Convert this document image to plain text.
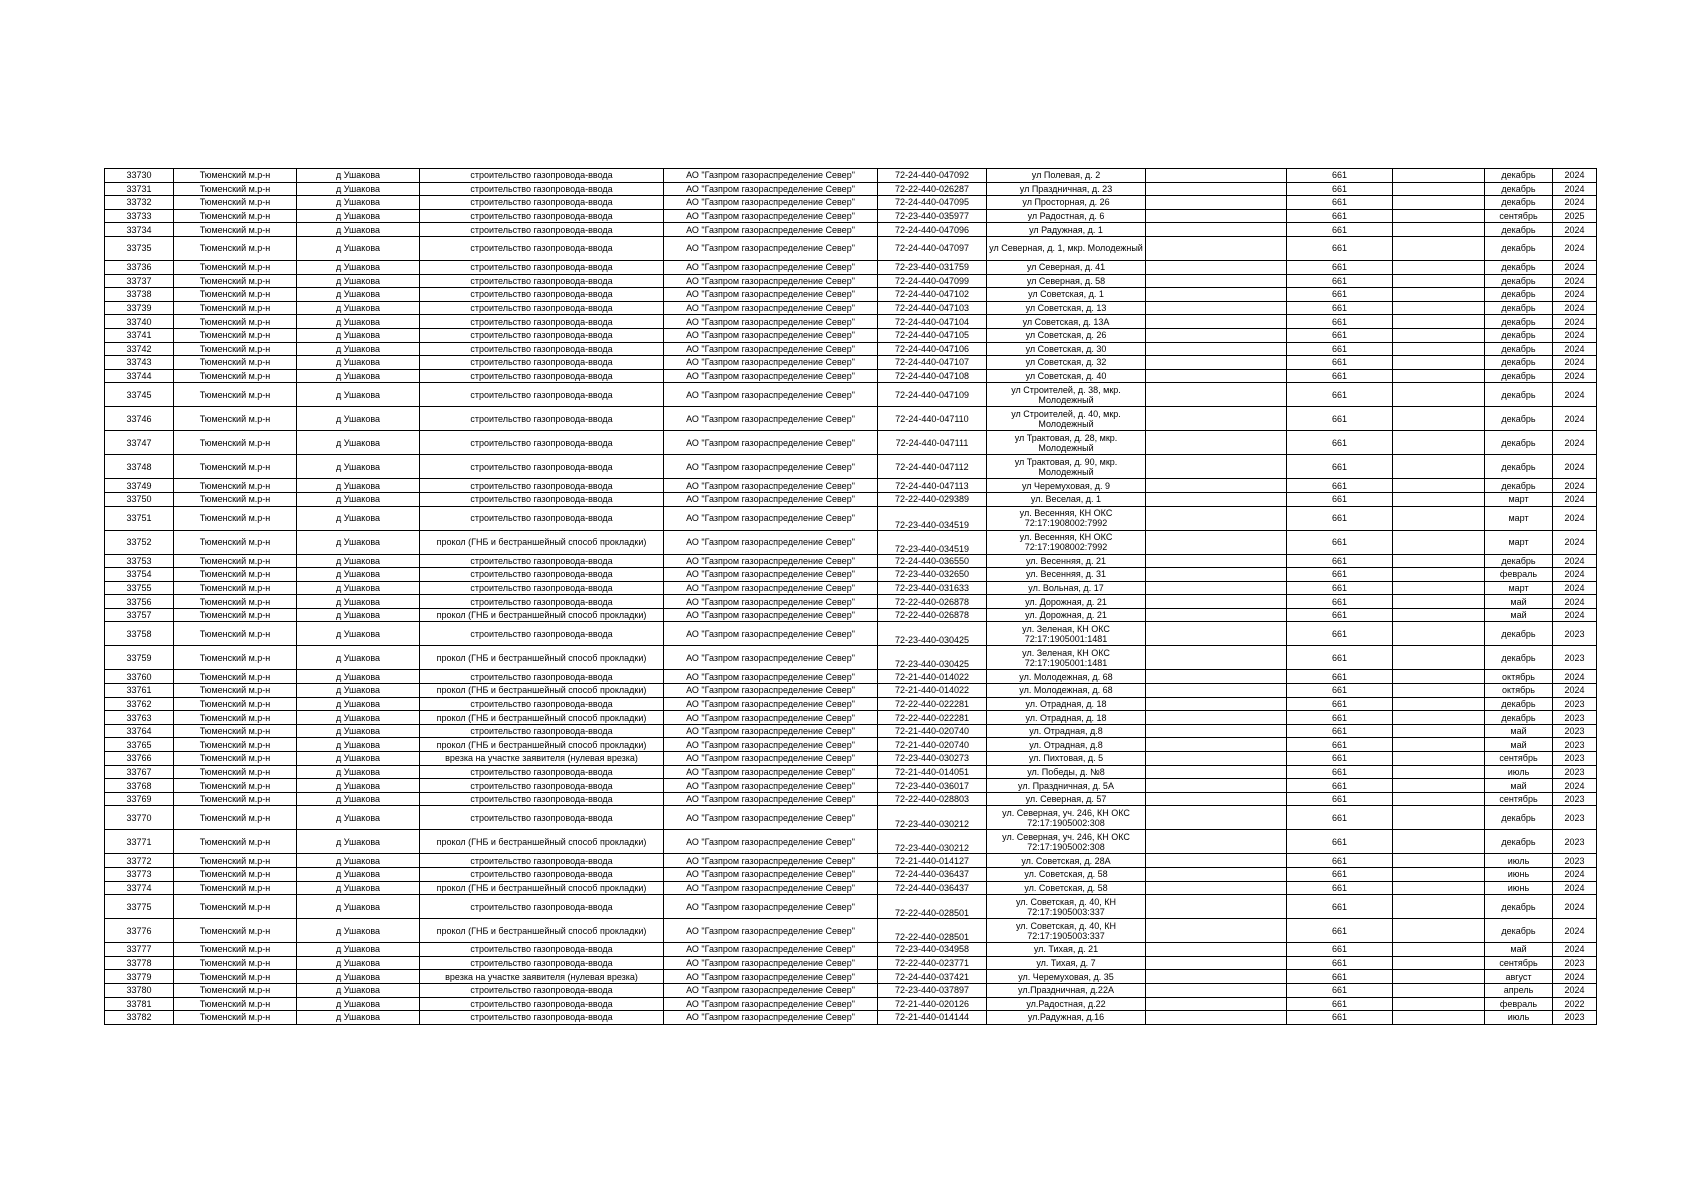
33730	Тюменский м.р-н	д Ушакова	строительство газопровода-ввода	АО "Газпром газораспределение Север"	72-24-440-047092	ул Полевая, д. 2		661		декабрь	2024
33731	Тюменский м.р-н	д Ушакова	строительство газопровода-ввода	АО "Газпром газораспределение Север"	72-22-440-026287	ул Праздничная, д. 23		661		декабрь	2024
33732	Тюменский м.р-н	д Ушакова	строительство газопровода-ввода	АО "Газпром газораспределение Север"	72-24-440-047095	ул Просторная, д. 26		661		декабрь	2024
33733	Тюменский м.р-н	д Ушакова	строительство газопровода-ввода	АО "Газпром газораспределение Север"	72-23-440-035977	ул Радостная, д. 6		661		сентябрь	2025
33734	Тюменский м.р-н	д Ушакова	строительство газопровода-ввода	АО "Газпром газораспределение Север"	72-24-440-047096	ул Радужная, д. 1		661		декабрь	2024
33735	Тюменский м.р-н	д Ушакова	строительство газопровода-ввода	АО "Газпром газораспределение Север"	72-24-440-047097	ул Северная, д. 1, мкр. Молодежный		661		декабрь	2024
33736	Тюменский м.р-н	д Ушакова	строительство газопровода-ввода	АО "Газпром газораспределение Север"	72-23-440-031759	ул Северная, д. 41		661		декабрь	2024
33737	Тюменский м.р-н	д Ушакова	строительство газопровода-ввода	АО "Газпром газораспределение Север"	72-24-440-047099	ул Северная, д. 58		661		декабрь	2024
33738	Тюменский м.р-н	д Ушакова	строительство газопровода-ввода	АО "Газпром газораспределение Север"	72-24-440-047102	ул Советская, д. 1		661		декабрь	2024
33739	Тюменский м.р-н	д Ушакова	строительство газопровода-ввода	АО "Газпром газораспределение Север"	72-24-440-047103	ул Советская, д. 13		661		декабрь	2024
33740	Тюменский м.р-н	д Ушакова	строительство газопровода-ввода	АО "Газпром газораспределение Север"	72-24-440-047104	ул Советская, д. 13А		661		декабрь	2024
33741	Тюменский м.р-н	д Ушакова	строительство газопровода-ввода	АО "Газпром газораспределение Север"	72-24-440-047105	ул Советская, д. 26		661		декабрь	2024
33742	Тюменский м.р-н	д Ушакова	строительство газопровода-ввода	АО "Газпром газораспределение Север"	72-24-440-047106	ул Советская, д. 30		661		декабрь	2024
33743	Тюменский м.р-н	д Ушакова	строительство газопровода-ввода	АО "Газпром газораспределение Север"	72-24-440-047107	ул Советская, д. 32		661		декабрь	2024
33744	Тюменский м.р-н	д Ушакова	строительство газопровода-ввода	АО "Газпром газораспределение Север"	72-24-440-047108	ул Советская, д. 40		661		декабрь	2024
33745	Тюменский м.р-н	д Ушакова	строительство газопровода-ввода	АО "Газпром газораспределение Север"	72-24-440-047109	ул Строителей, д. 38, мкр. Молодежный		661		декабрь	2024
33746	Тюменский м.р-н	д Ушакова	строительство газопровода-ввода	АО "Газпром газораспределение Север"	72-24-440-047110	ул Строителей, д. 40, мкр. Молодежный		661		декабрь	2024
33747	Тюменский м.р-н	д Ушакова	строительство газопровода-ввода	АО "Газпром газораспределение Север"	72-24-440-047111	ул Трактовая, д. 28, мкр. Молодежный		661		декабрь	2024
33748	Тюменский м.р-н	д Ушакова	строительство газопровода-ввода	АО "Газпром газораспределение Север"	72-24-440-047112	ул Трактовая, д. 90, мкр. Молодежный		661		декабрь	2024
33749	Тюменский м.р-н	д Ушакова	строительство газопровода-ввода	АО "Газпром газораспределение Север"	72-24-440-047113	ул Черемуховая, д. 9		661		декабрь	2024
33750	Тюменский м.р-н	д Ушакова	строительство газопровода-ввода	АО "Газпром газораспределение Север"	72-22-440-029389	ул. Веселая, д. 1		661		март	2024
33751	Тюменский м.р-н	д Ушакова	строительство газопровода-ввода	АО "Газпром газораспределение Север"	72-23-440-034519	ул. Весенняя, КН ОКС 72:17:1908002:7992		661		март	2024
33752	Тюменский м.р-н	д Ушакова	прокол (ГНБ и бестраншейный способ прокладки)	АО "Газпром газораспределение Север"	72-23-440-034519	ул. Весенняя, КН ОКС 72:17:1908002:7992		661		март	2024
33753	Тюменский м.р-н	д Ушакова	строительство газопровода-ввода	АО "Газпром газораспределение Север"	72-24-440-036550	ул. Весенняя, д. 21		661		декабрь	2024
33754	Тюменский м.р-н	д Ушакова	строительство газопровода-ввода	АО "Газпром газораспределение Север"	72-23-440-032650	ул. Весенняя, д. 31		661		февраль	2024
33755	Тюменский м.р-н	д Ушакова	строительство газопровода-ввода	АО "Газпром газораспределение Север"	72-23-440-031633	ул. Вольная, д. 17		661		март	2024
33756	Тюменский м.р-н	д Ушакова	строительство газопровода-ввода	АО "Газпром газораспределение Север"	72-22-440-026878	ул. Дорожная, д. 21		661		май	2024
33757	Тюменский м.р-н	д Ушакова	прокол (ГНБ и бестраншейный способ прокладки)	АО "Газпром газораспределение Север"	72-22-440-026878	ул. Дорожная, д. 21		661		май	2024
33758	Тюменский м.р-н	д Ушакова	строительство газопровода-ввода	АО "Газпром газораспределение Север"	72-23-440-030425	ул. Зеленая, КН ОКС 72:17:1905001:1481		661		декабрь	2023
33759	Тюменский м.р-н	д Ушакова	прокол (ГНБ и бестраншейный способ прокладки)	АО "Газпром газораспределение Север"	72-23-440-030425	ул. Зеленая, КН ОКС 72:17:1905001:1481		661		декабрь	2023
33760	Тюменский м.р-н	д Ушакова	строительство газопровода-ввода	АО "Газпром газораспределение Север"	72-21-440-014022	ул. Молодежная, д. 68		661		октябрь	2024
33761	Тюменский м.р-н	д Ушакова	прокол (ГНБ и бестраншейный способ прокладки)	АО "Газпром газораспределение Север"	72-21-440-014022	ул. Молодежная, д. 68		661		октябрь	2024
33762	Тюменский м.р-н	д Ушакова	строительство газопровода-ввода	АО "Газпром газораспределение Север"	72-22-440-022281	ул. Отрадная, д. 18		661		декабрь	2023
33763	Тюменский м.р-н	д Ушакова	прокол (ГНБ и бестраншейный способ прокладки)	АО "Газпром газораспределение Север"	72-22-440-022281	ул. Отрадная, д. 18		661		декабрь	2023
33764	Тюменский м.р-н	д Ушакова	строительство газопровода-ввода	АО "Газпром газораспределение Север"	72-21-440-020740	ул. Отрадная, д.8		661		май	2023
33765	Тюменский м.р-н	д Ушакова	прокол (ГНБ и бестраншейный способ прокладки)	АО "Газпром газораспределение Север"	72-21-440-020740	ул. Отрадная, д.8		661		май	2023
33766	Тюменский м.р-н	д Ушакова	врезка на участке заявителя (нулевая врезка)	АО "Газпром газораспределение Север"	72-23-440-030273	ул. Пихтовая, д. 5		661		сентябрь	2023
33767	Тюменский м.р-н	д Ушакова	строительство газопровода-ввода	АО "Газпром газораспределение Север"	72-21-440-014051	ул. Победы, д. №8		661		июль	2023
33768	Тюменский м.р-н	д Ушакова	строительство газопровода-ввода	АО "Газпром газораспределение Север"	72-23-440-036017	ул. Праздничная, д. 5А		661		май	2024
33769	Тюменский м.р-н	д Ушакова	строительство газопровода-ввода	АО "Газпром газораспределение Север"	72-22-440-028803	ул. Северная, д. 57		661		сентябрь	2023
33770	Тюменский м.р-н	д Ушакова	строительство газопровода-ввода	АО "Газпром газораспределение Север"	72-23-440-030212	ул. Северная, уч. 246, КН ОКС 72:17:1905002:308		661		декабрь	2023
33771	Тюменский м.р-н	д Ушакова	прокол (ГНБ и бестраншейный способ прокладки)	АО "Газпром газораспределение Север"	72-23-440-030212	ул. Северная, уч. 246, КН ОКС 72:17:1905002:308		661		декабрь	2023
33772	Тюменский м.р-н	д Ушакова	строительство газопровода-ввода	АО "Газпром газораспределение Север"	72-21-440-014127	ул. Советская, д. 28А		661		июль	2023
33773	Тюменский м.р-н	д Ушакова	строительство газопровода-ввода	АО "Газпром газораспределение Север"	72-24-440-036437	ул. Советская, д. 58		661		июнь	2024
33774	Тюменский м.р-н	д Ушакова	прокол (ГНБ и бестраншейный способ прокладки)	АО "Газпром газораспределение Север"	72-24-440-036437	ул. Советская, д. 58		661		июнь	2024
33775	Тюменский м.р-н	д Ушакова	строительство газопровода-ввода	АО "Газпром газораспределение Север"	72-22-440-028501	ул. Советская, д. 40, КН 72:17:1905003:337		661		декабрь	2024
33776	Тюменский м.р-н	д Ушакова	прокол (ГНБ и бестраншейный способ прокладки)	АО "Газпром газораспределение Север"	72-22-440-028501	ул. Советская, д. 40, КН 72:17:1905003:337		661		декабрь	2024
33777	Тюменский м.р-н	д Ушакова	строительство газопровода-ввода	АО "Газпром газораспределение Север"	72-23-440-034958	ул. Тихая, д. 21		661		май	2024
33778	Тюменский м.р-н	д Ушакова	строительство газопровода-ввода	АО "Газпром газораспределение Север"	72-22-440-023771	ул. Тихая, д. 7		661		сентябрь	2023
33779	Тюменский м.р-н	д Ушакова	врезка на участке заявителя (нулевая врезка)	АО "Газпром газораспределение Север"	72-24-440-037421	ул. Черемуховая, д. 35		661		август	2024
33780	Тюменский м.р-н	д Ушакова	строительство газопровода-ввода	АО "Газпром газораспределение Север"	72-23-440-037897	ул.Праздничная, д.22А		661		апрель	2024
33781	Тюменский м.р-н	д Ушакова	строительство газопровода-ввода	АО "Газпром газораспределение Север"	72-21-440-020126	ул.Радостная, д.22		661		февраль	2022
33782	Тюменский м.р-н	д Ушакова	строительство газопровода-ввода	АО "Газпром газораспределение Север"	72-21-440-014144	ул.Радужная, д.16		661		июль	2023
